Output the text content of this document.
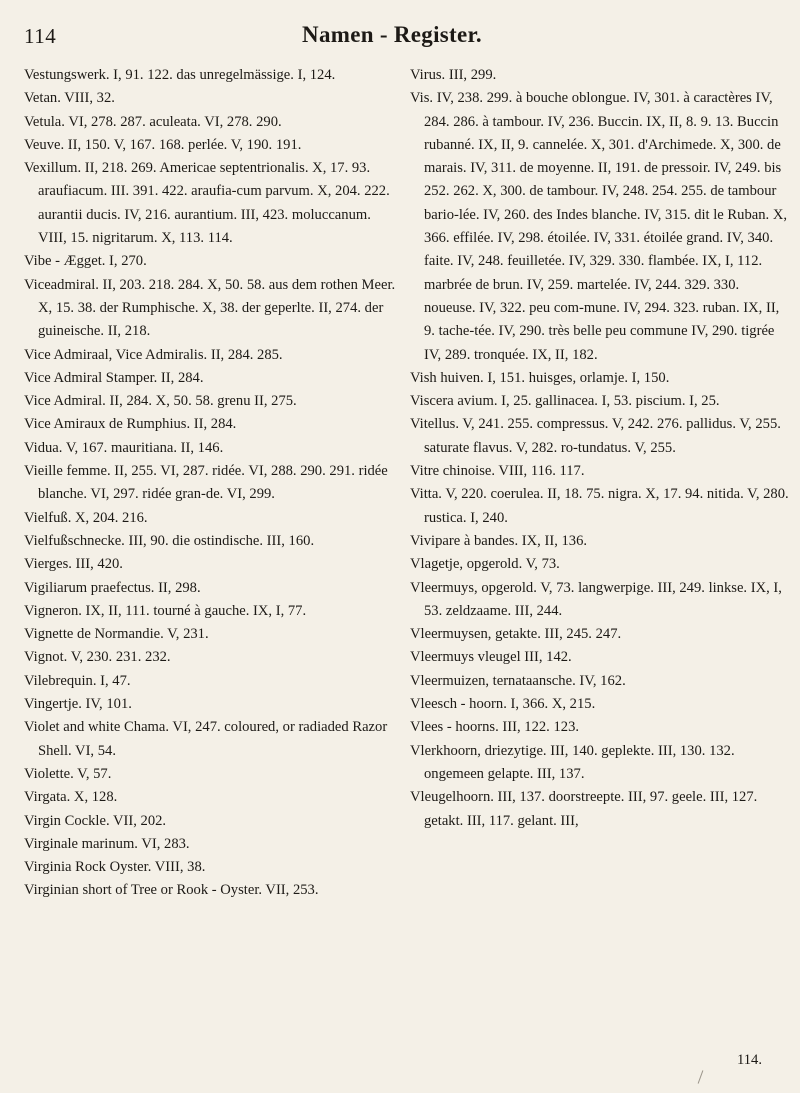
114	Namen - Register.

Vestungswerk. I, 91. 122. das unregelmässige. I, 124.

Vetan. VIII, 32.

Vetula. VI, 278. 287. aculeata. VI, 278. 290.

Veuve. II, 150. V, 167. 168. perlée. V, 190. 191.

Vexillum. II, 218. 269. Americae septentrionalis. X, 17. 93. araufiacum. III. 391. 422. araufia-cum parvum. X, 204. 222. aurantii ducis. IV, 216. aurantium. III, 423. moluccanum. VIII, 15. nigritarum. X, 113. 114.

Vibe - Ægget. I, 270.

Viceadmiral. II, 203. 218. 284. X, 50. 58. aus dem rothen Meer. X, 15. 38. der Rumphische. X, 38. der geperlte. II, 274. der guineische. II, 218.

Vice Admiraal, Vice Admiralis. II, 284. 285.

Vice Admiral Stamper. II, 284.

Vice Admiral. II, 284. X, 50. 58. grenu II, 275.

Vice Amiraux de Rumphius. II, 284.

Vidua. V, 167. mauritiana. II, 146.

Vieille femme. II, 255. VI, 287. ridée. VI, 288. 290. 291. ridée blanche. VI, 297. ridée gran-de. VI, 299.

Vielfuß. X, 204. 216.

Vielfußschnecke. III, 90. die ostindische. III, 160.

Vierges. III, 420.

Vigiliarum praefectus. II, 298.

Vigneron. IX, II, 111. tourné à gauche. IX, I, 77.

Vignette de Normandie. V, 231.

Vignot. V, 230. 231. 232.

Vilebrequin. I, 47.

Vingertje. IV, 101.

Violet and white Chama. VI, 247. coloured, or radiaded Razor Shell. VI, 54.

Violette. V, 57.

Virgata. X, 128.

Virgin Cockle. VII, 202.

Virginale marinum. VI, 283.

Virginia Rock Oyster. VIII, 38.

Virginian short of Tree or Rook - Oyster. VII, 253.

Virus. III, 299.

Vis. IV, 238. 299. à bouche oblongue. IV, 301. à caractères IV, 284. 286. à tambour. IV, 236. Buccin. IX, II, 8. 9. 13. Buccin rubanné. IX, II, 9. cannelée. X, 301. d'Archimede. X, 300. de marais. IV, 311. de moyenne. II, 191. de pressoir. IV, 249. bis 252. 262. X, 300. de tambour. IV, 248. 254. 255. de tambour bario-lée. IV, 260. des Indes blanche. IV, 315. dit le Ruban. X, 366. effilée. IV, 298. étoilée. IV, 331. étoilée grand. IV, 340. faite. IV, 248. feuilletée. IV, 329. 330. flambée. IX, I, 112. marbrée de brun. IV, 259. martelée. IV, 244. 329. 330. noueuse. IV, 322. peu com-mune. IV, 294. 323. ruban. IX, II, 9. tache-tée. IV, 290. très belle peu commune IV, 290. tigrée IV, 289. tronquée. IX, II, 182.

Vish huiven. I, 151. huisges, orlamje. I, 150.

Viscera avium. I, 25. gallinacea. I, 53. piscium. I, 25.

Vitellus. V, 241. 255. compressus. V, 242. 276. pallidus. V, 255. saturate flavus. V, 282. ro-tundatus. V, 255.

Vitre chinoise. VIII, 116. 117.

Vitta. V, 220. coerulea. II, 18. 75. nigra. X, 17. 94. nitida. V, 280. rustica. I, 240.

Vivipare à bandes. IX, II, 136.

Vlagetje, opgerold. V, 73.

Vleermuys, opgerold. V, 73. langwerpige. III, 249. linkse. IX, I, 53. zeldzaame. III, 244.

Vleermuysen, getakte. III, 245. 247.

Vleermuys vleugel III, 142.

Vleermuizen, ternataansche. IV, 162.

Vleesch - hoorn. I, 366. X, 215.

Vlees - hoorns. III, 122. 123.

Vlerkhoorn, driezytige. III, 140. geplekte. III, 130. 132. ongemeen gelapte. III, 137.

Vleugelhoorn. III, 137. doorstreepte. III, 97. geele. III, 127. getakt. III, 117. gelant. III,

114.
